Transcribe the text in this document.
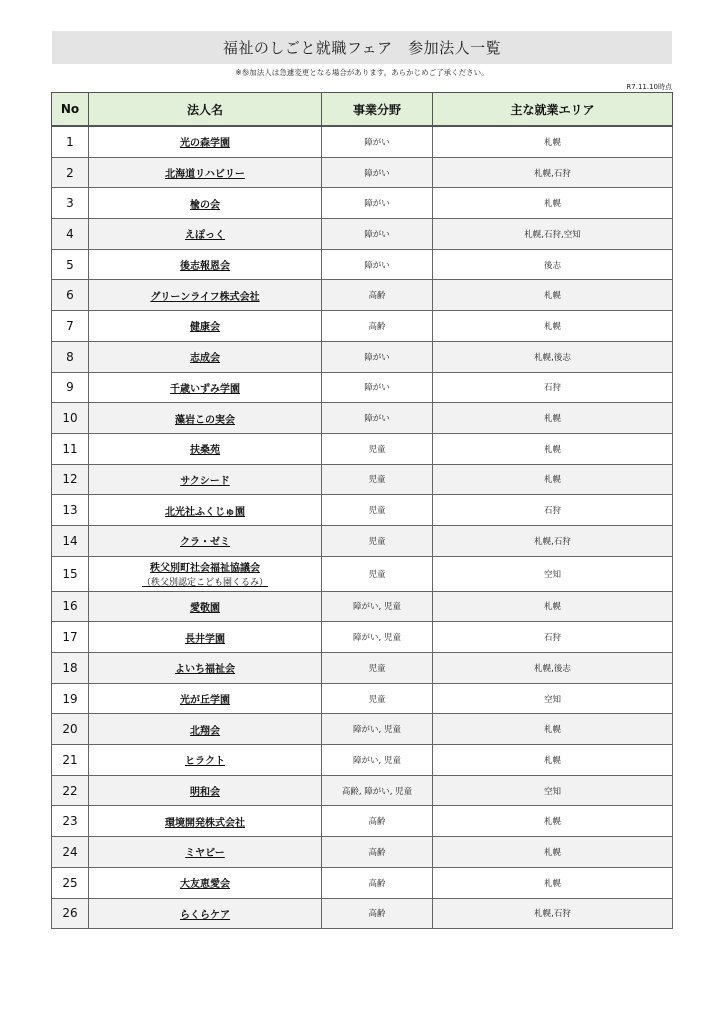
福祉のしごと就職フェア　参加法人一覧
※参加法人は急遽変更となる場合があります。あらかじめご了承ください。
R7.11.10時点
No	法人名	事業分野	主な就業エリア
1	光の森学園	障がい	札幌
2	北海道リハビリー	障がい	札幌,石狩
3	楡の会	障がい	札幌
4	えぽっく	障がい	札幌,石狩,空知
5	後志報恩会	障がい	後志
6	グリーンライフ株式会社	高齢	札幌
7	健康会	高齢	札幌
8	志成会	障がい	札幌,後志
9	千歳いずみ学園	障がい	石狩
10	藻岩この実会	障がい	札幌
11	扶桑苑	児童	札幌
12	サクシード	児童	札幌
13	北光社ふくじゅ園	児童	石狩
14	クラ・ゼミ	児童	札幌,石狩
15	秩父別町社会福祉協議会
（秩父別認定こども園くるみ）	児童	空知
16	愛敬園	障がい, 児童	札幌
17	長井学園	障がい, 児童	石狩
18	よいち福祉会	児童	札幌,後志
19	光が丘学園	児童	空知
20	北翔会	障がい, 児童	札幌
21	ヒラクト	障がい, 児童	札幌
22	明和会	高齢, 障がい, 児童	空知
23	環境開発株式会社	高齢	札幌
24	ミヤビー	高齢	札幌
25	大友恵愛会	高齢	札幌
26	らくらケア	高齢	札幌,石狩
